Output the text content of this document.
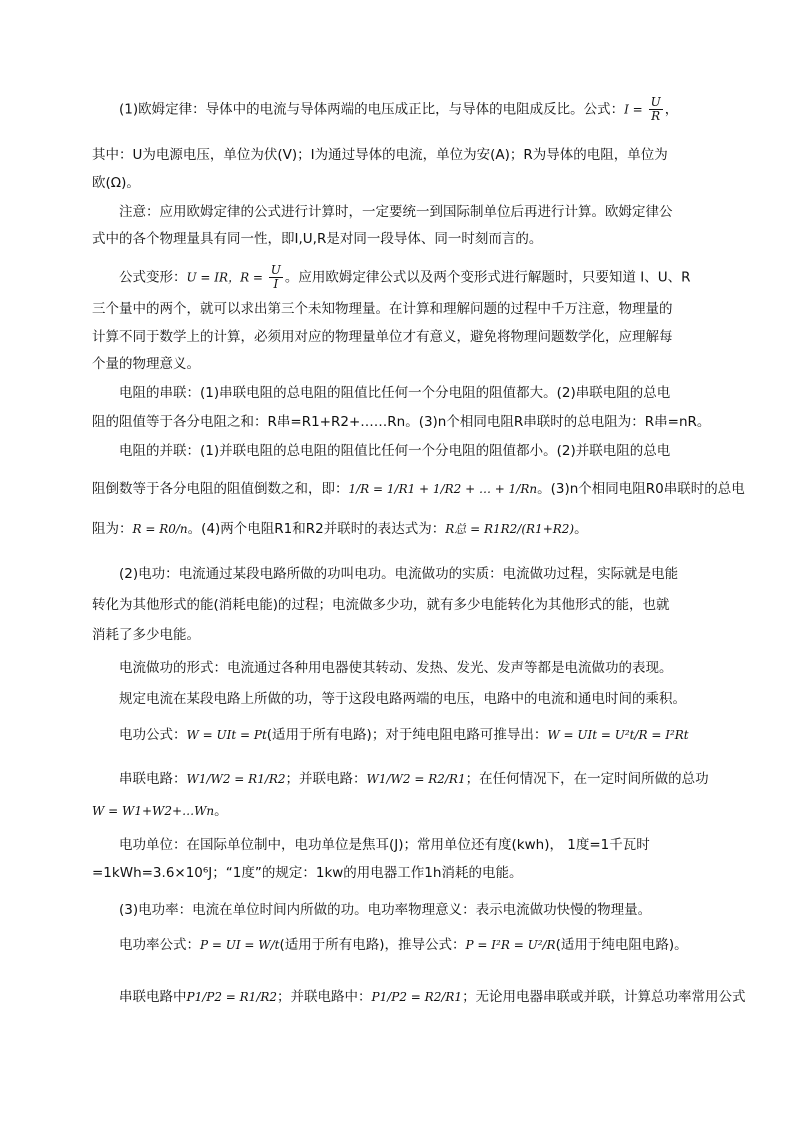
(1)欧姆定律：导体中的电流与导体两端的电压成正比，与导体的电阻成反比。公式：$I = \frac{U}{R}$ ，
其中：U为电源电压，单位为伏(V)；I为通过导体的电流，单位为安(A)；R为导体的电阻，单位为
欧(Ω)。
注意：应用欧姆定律的公式进行计算时，一定要统一到国际制单位后再进行计算。欧姆定律公
式中的各个物理量具有同一性，即I,U,R是对同一段导体、同一时刻而言的。
公式变形：U = IR，$R = \frac{U}{I}$ 。应用欧姆定律公式以及两个变形式进行解题时，只要知道 I、U、R
三个量中的两个，就可以求出第三个未知物理量。在计算和理解问题的过程中千万注意，物理量的
计算不同于数学上的计算，必须用对应的物理量单位才有意义，避免将物理问题数学化，应理解每
个量的物理意义。
电阻的串联：(1)串联电阻的总电阻的阻值比任何一个分电阻的阻值都大。(2)串联电阻的总电
阻的阻值等于各分电阻之和：R串=R1+R2+……Rn。(3)n个相同电阻R串联时的总电阻为：R串=nR。
电阻的并联：(1)并联电阻的总电阻的阻值比任何一个分电阻的阻值都小。(2)并联电阻的总电
阻倒数等于各分电阻的阻值倒数之和，即：1/R = 1/R1 + 1/R2 + … + 1/Rn。(3)n个相同电阻R0串联时的总电
阻为：R = R0/n。(4)两个电阻R1和R2并联时的表达式为：R总 = R1R2/(R1+R2)。
(2)电功：电流通过某段电路所做的功叫电功。电流做功的实质：电流做功过程，实际就是电能
转化为其他形式的能(消耗电能)的过程；电流做多少功，就有多少电能转化为其他形式的能，也就
消耗了多少电能。
电流做功的形式：电流通过各种用电器使其转动、发热、发光、发声等都是电流做功的表现。
规定电流在某段电路上所做的功，等于这段电路两端的电压，电路中的电流和通电时间的乘积。
电功公式：W = UIt = Pt(适用于所有电路)；对于纯电阻电路可推导出：W = UIt = U²t/R = I²Rt
串联电路：W1/W2 = R1/R2；并联电路：W1/W2 = R2/R1；在任何情况下，在一定时间所做的总功
W = W1+W2+…Wn。
电功单位：在国际单位制中，电功单位是焦耳(J)；常用单位还有度(kwh)， 1度=1千瓦时
=1kWh=3.6×10⁶J；“1度”的规定：1kw的用电器工作1h消耗的电能。
(3)电功率：电流在单位时间内所做的功。电功率物理意义：表示电流做功快慢的物理量。
电功率公式：P = UI = W/t(适用于所有电路)，推导公式：P = I²R = U²/R(适用于纯电阻电路)。
串联电路中P1/P2 = R1/R2；并联电路中：P1/P2 = R2/R1；无论用电器串联或并联，计算总功率常用公式
